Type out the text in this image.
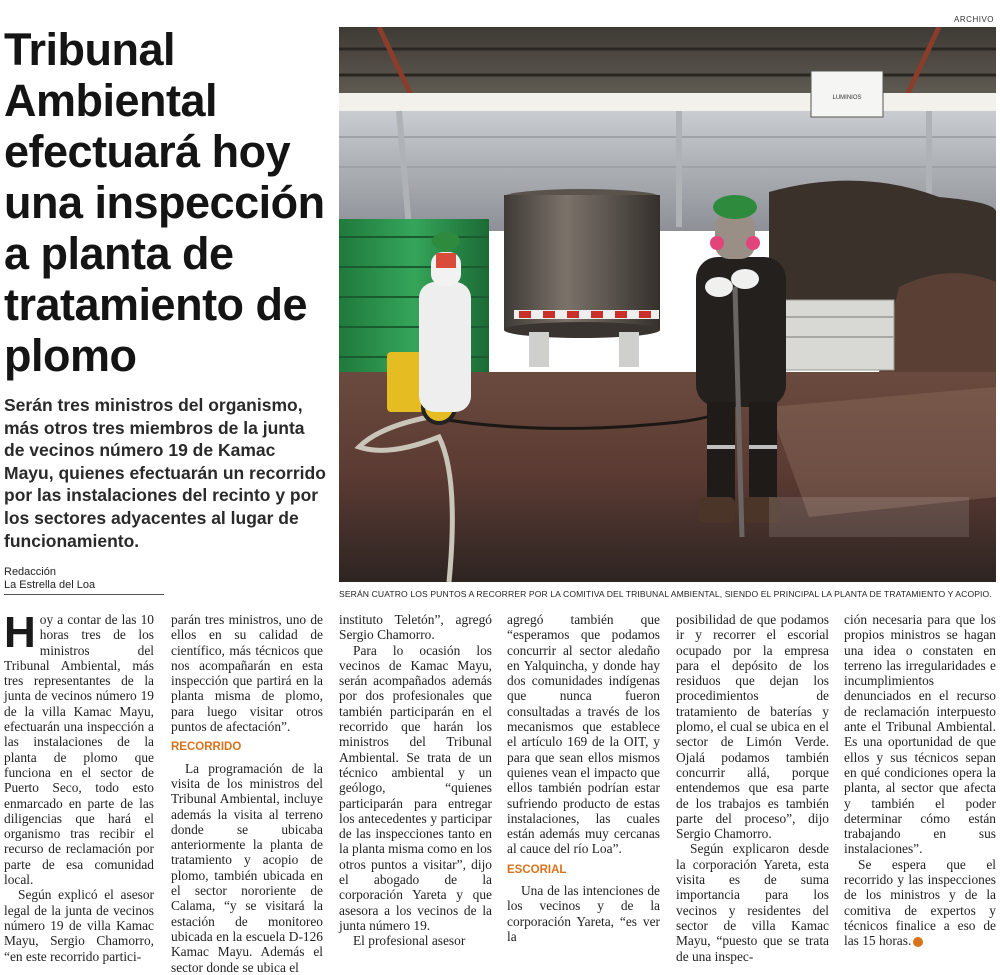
ARCHIVO
Tribunal Ambiental efectuará hoy una inspección a planta de tratamiento de plomo

Serán tres ministros del organismo, más otros tres miembros de la junta de vecinos número 19 de Kamac Mayu, quienes efectuarán un recorrido por las instalaciones del recinto y por los sectores adyacentes al lugar de funcionamiento.

Redacción
La Estrella del Loa
LUMINIOS
SERÁN CUATRO LOS PUNTOS A RECORRER POR LA COMITIVA DEL TRIBUNAL AMBIENTAL, SIENDO EL PRINCIPAL LA PLANTA DE TRATAMIENTO Y ACOPIO.

Hoy a contar de las 10 horas tres de los ministros del Tribunal Ambiental, más tres representantes de la junta de vecinos número 19 de la villa Kamac Mayu, efectuarán una inspección a las instalaciones de la planta de plomo que funciona en el sector de Puerto Seco, todo esto enmarcado en parte de las diligencias que hará el organismo tras recibir el recurso de reclamación por parte de esa comunidad local.

Según explicó el asesor legal de la junta de vecinos número 19 de villa Kamac Mayu, Sergio Chamorro, “en este recorrido partici-

parán tres ministros, uno de ellos en su calidad de científico, más técnicos que nos acompañarán en esta inspección que partirá en la planta misma de plomo, para luego visitar otros puntos de afectación”.

RECORRIDO

La programación de la visita de los ministros del Tribunal Ambiental, incluye además la visita al terreno donde se ubicaba anteriormente la planta de tratamiento y acopio de plomo, también ubicada en el sector nororiente de Calama, “y se visitará la estación de monitoreo ubicada en la escuela D-126 Kamac Mayu. Además el sector donde se ubica el

instituto Teletón”, agregó Sergio Chamorro.

Para lo ocasión los vecinos de Kamac Mayu, serán acompañados además por dos profesionales que también participarán en el recorrido que harán los ministros del Tribunal Ambiental. Se trata de un técnico ambiental y un geólogo, “quienes participarán para entregar los antecedentes y participar de las inspecciones tanto en la planta misma como en los otros puntos a visitar”, dijo el abogado de la corporación Yareta y que asesora a los vecinos de la junta número 19.

El profesional asesor

agregó también que “esperamos que podamos concurrir al sector aledaño en Yalquincha, y donde hay dos comunidades indígenas que nunca fueron consultadas a través de los mecanismos que establece el artículo 169 de la OIT, y para que sean ellos mismos quienes vean el impacto que ellos también podrían estar sufriendo producto de estas instalaciones, las cuales están además muy cercanas al cauce del río Loa”.

ESCORIAL

Una de las intenciones de los vecinos y de la corporación Yareta, “es ver la

posibilidad de que podamos ir y recorrer el escorial ocupado por la empresa para el depósito de los residuos que dejan los procedimientos de tratamiento de baterías y plomo, el cual se ubica en el sector de Limón Verde. Ojalá podamos también concurrir allá, porque entendemos que esa parte de los trabajos es también parte del proceso”, dijo Sergio Chamorro.

Según explicaron desde la corporación Yareta, esta visita es de suma importancia para los vecinos y residentes del sector de villa Kamac Mayu, “puesto que se trata de una inspec-

ción necesaria para que los propios ministros se hagan una idea o constaten en terreno las irregularidades e incumplimientos denunciados en el recurso de reclamación interpuesto ante el Tribunal Ambiental. Es una oportunidad de que ellos y sus técnicos sepan en qué condiciones opera la planta, al sector que afecta y también el poder determinar cómo están trabajando en sus instalaciones”.

Se espera que el recorrido y las inspecciones de los ministros y de la comitiva de expertos y técnicos finalice a eso de las 15 horas.
